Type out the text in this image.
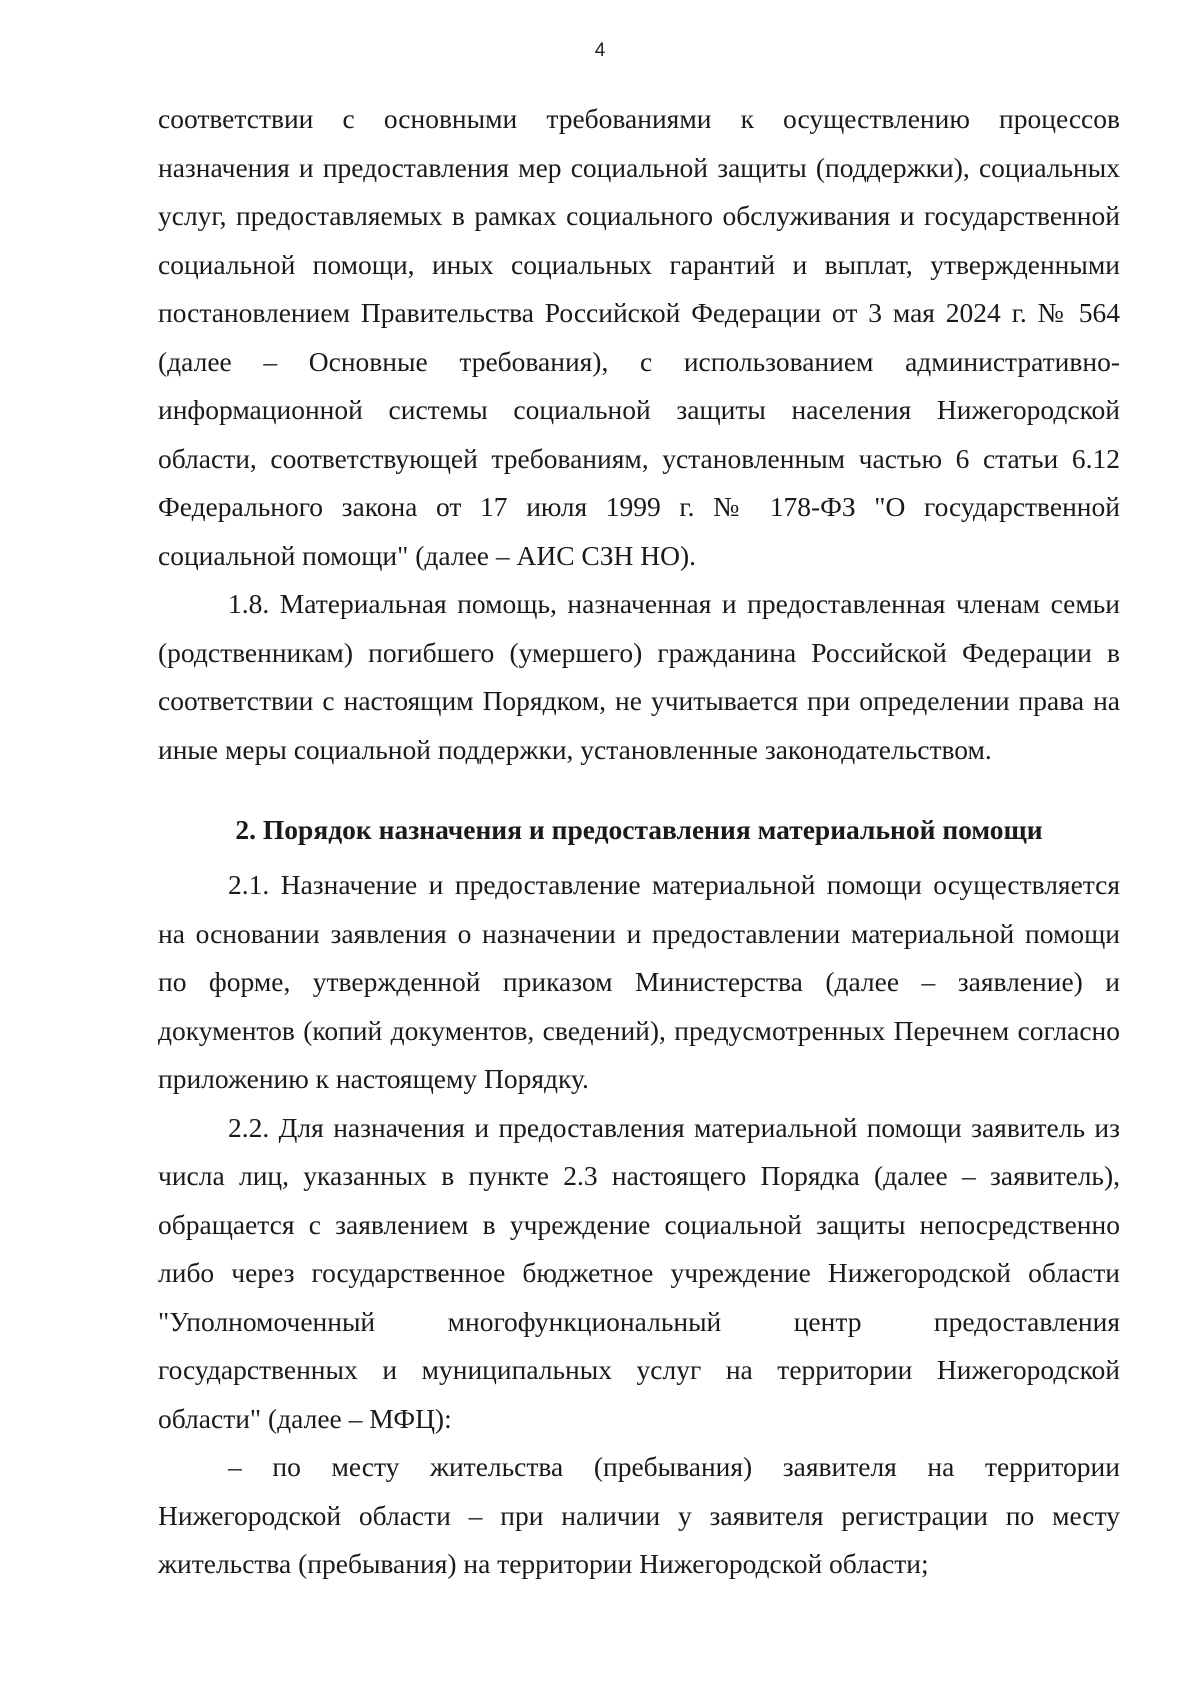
4

соответствии с основными требованиями к осуществлению процессов назначения и предоставления мер социальной защиты (поддержки), социальных услуг, предоставляемых в рамках социального обслуживания и государственной социальной помощи, иных социальных гарантий и выплат, утвержденными постановлением Правительства Российской Федерации от 3 мая 2024 г. № 564 (далее – Основные требования), с использованием административно-информационной системы социальной защиты населения Нижегородской области, соответствующей требованиям, установленным частью 6 статьи 6.12 Федерального закона от 17 июля 1999 г. № 178-ФЗ "О государственной социальной помощи" (далее – АИС СЗН НО).

1.8. Материальная помощь, назначенная и предоставленная членам семьи (родственникам) погибшего (умершего) гражданина Российской Федерации в соответствии с настоящим Порядком, не учитывается при определении права на иные меры социальной поддержки, установленные законодательством.

2. Порядок назначения и предоставления материальной помощи

2.1. Назначение и предоставление материальной помощи осуществляется на основании заявления о назначении и предоставлении материальной помощи по форме, утвержденной приказом Министерства (далее – заявление) и документов (копий документов, сведений), предусмотренных Перечнем согласно приложению к настоящему Порядку.

2.2. Для назначения и предоставления материальной помощи заявитель из числа лиц, указанных в пункте 2.3 настоящего Порядка (далее – заявитель), обращается с заявлением в учреждение социальной защиты непосредственно либо через государственное бюджетное учреждение Нижегородской области "Уполномоченный многофункциональный центр предоставления государственных и муниципальных услуг на территории Нижегородской области" (далее – МФЦ):

– по месту жительства (пребывания) заявителя на территории Нижегородской области – при наличии у заявителя регистрации по месту жительства (пребывания) на территории Нижегородской области;
